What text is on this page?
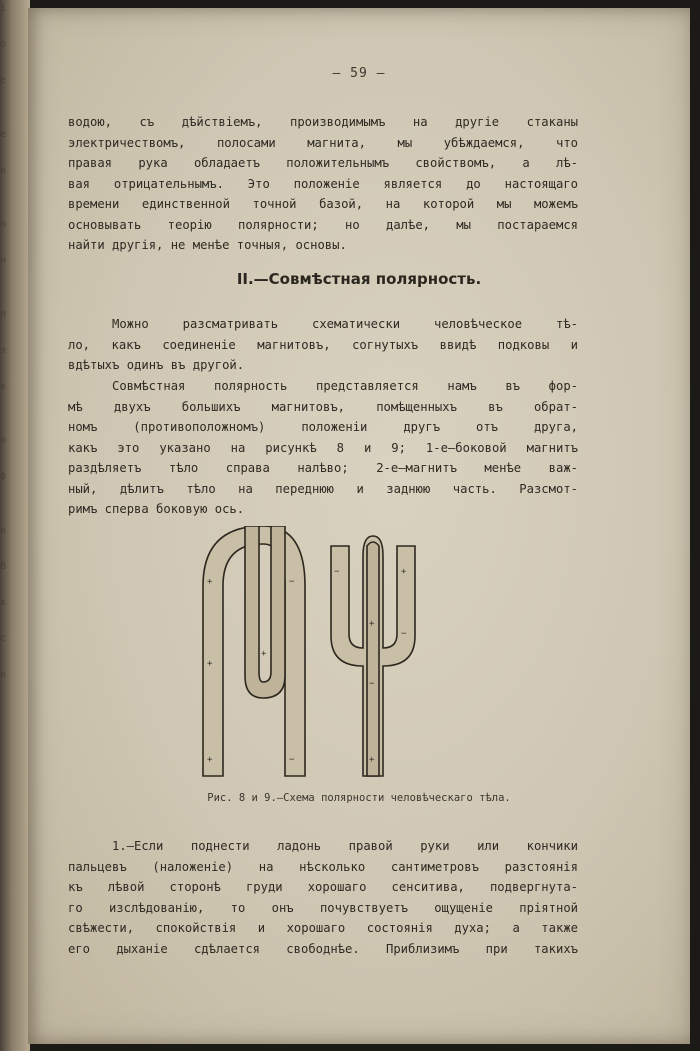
i

о

е

е

и

п

н

л

э

в

о

ф

и

В

х

с

и
— 59 —
водою, съ дѣйствіемъ, производимымъ на другіе стаканы
электричествомъ, полосами магнита, мы убѣждаемся, что
правая рука обладаетъ положительнымъ свойствомъ, а лѣ-
вая отрицательнымъ. Это положеніе является до настоящаго
времени единственной точной базой, на которой мы можемъ
основывать теорію полярности; но далѣе, мы постараемся
найти другія, не менѣе точныя, основы.
II.—Совмѣстная полярность.
Можно разсматривать схематически человѣческое тѣ-
ло, какъ соединеніе магнитовъ, согнутыхъ ввидѣ подковы и
вдѣтыхъ одинъ въ другой.
Совмѣстная полярность представляется намъ въ фор-
мѣ двухъ большихъ магнитовъ, помѣщенныхъ въ обрат-
номъ (противоположномъ) положеніи другъ отъ друга,
какъ это указано на рисункѣ 8 и 9; 1-е—боковой магнитъ
раздѣляетъ тѣло справа налѣво; 2-е—магнитъ менѣе важ-
ный, дѣлитъ тѣло на переднюю и заднюю часть. Разсмот-
римъ сперва боковую ось.
+
+
+
−
−
+
−	+
+
−
+
−
Рис. 8 и 9.—Схема полярности человѣческаго тѣла.
1.—Если поднести ладонь правой руки или кончики
пальцевъ (наложеніе) на нѣсколько сантиметровъ разстоянія
къ лѣвой сторонѣ груди хорошаго сенситива, подвергнута-
го изслѣдованію, то онъ почувствуетъ ощущеніе пріятной
свѣжести, спокойствія и хорошаго состоянія духа; а также
его дыханіе сдѣлается свободнѣе. Приблизимъ при такихъ
